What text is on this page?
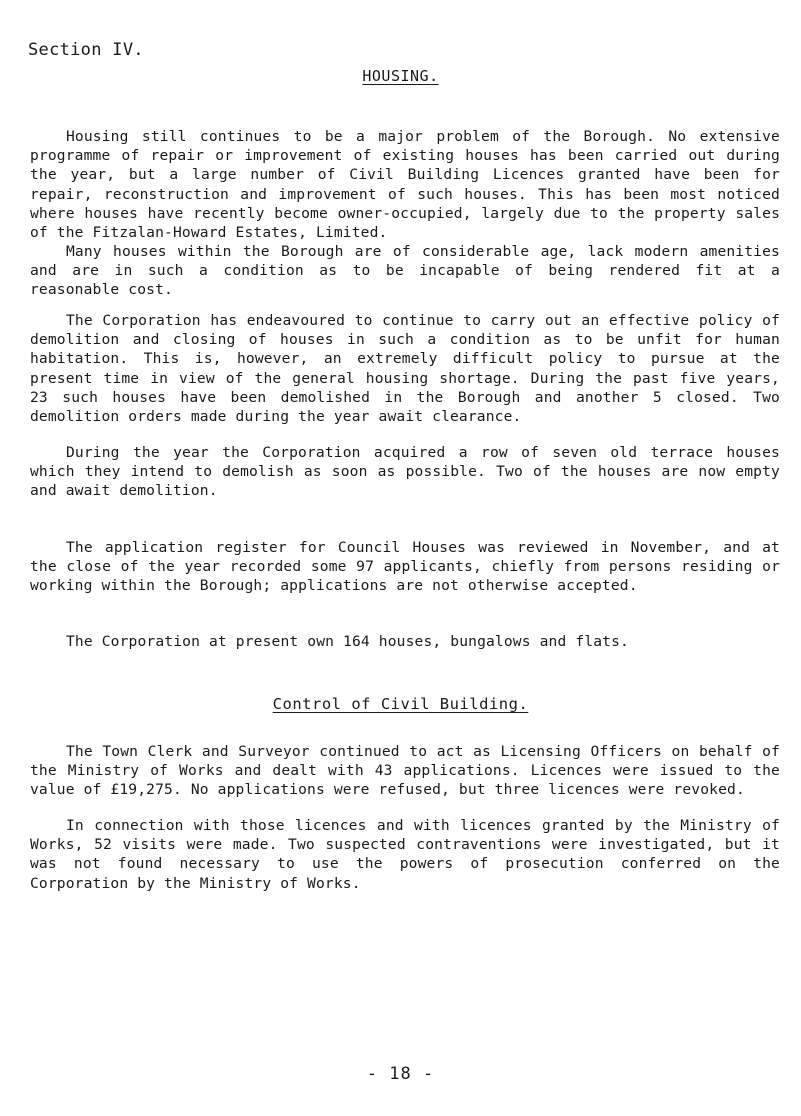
Section IV.
HOUSING.

Housing still continues to be a major problem of the Borough. No extensive programme of repair or improvement of existing houses has been carried out during the year, but a large number of Civil Building Licences granted have been for repair, reconstruction and improvement of such houses. This has been most noticed where houses have recently become owner-occupied, largely due to the property sales of the Fitzalan-Howard Estates, Limited.

Many houses within the Borough are of considerable age, lack modern amenities and are in such a condition as to be incapable of being rendered fit at a reasonable cost.

The Corporation has endeavoured to continue to carry out an effective policy of demolition and closing of houses in such a condition as to be unfit for human habitation. This is, however, an extremely difficult policy to pursue at the present time in view of the general housing shortage. During the past five years, 23 such houses have been demolished in the Borough and another 5 closed. Two demolition orders made during the year await clearance.

During the year the Corporation acquired a row of seven old terrace houses which they intend to demolish as soon as possible. Two of the houses are now empty and await demolition.

The application register for Council Houses was reviewed in November, and at the close of the year recorded some 97 applicants, chiefly from persons residing or working within the Borough; applications are not otherwise accepted.

The Corporation at present own 164 houses, bungalows and flats.

Control of Civil Building.

The Town Clerk and Surveyor continued to act as Licensing Officers on behalf of the Ministry of Works and dealt with 43 applications. Licences were issued to the value of £19,275. No applications were refused, but three licences were revoked.

In connection with those licences and with licences granted by the Ministry of Works, 52 visits were made. Two suspected contraventions were investigated, but it was not found necessary to use the powers of prosecution conferred on the Corporation by the Ministry of Works.

- 18 -
